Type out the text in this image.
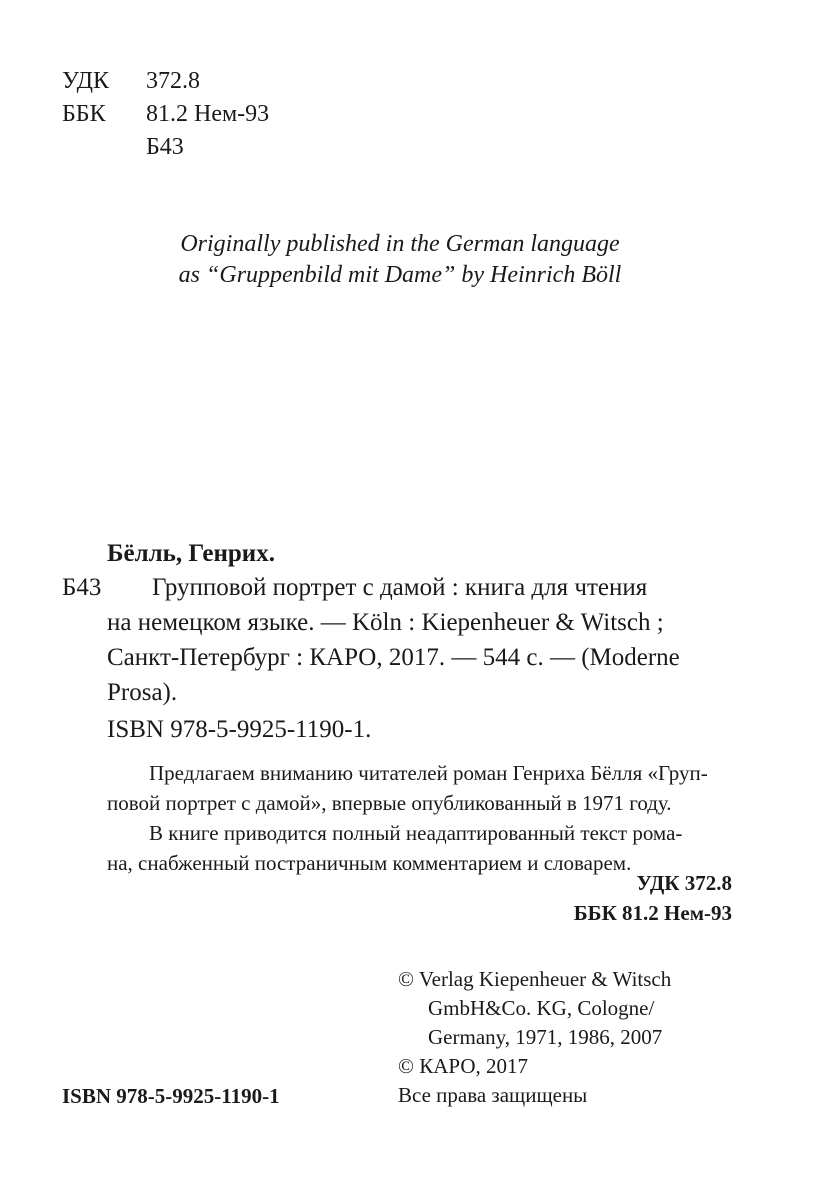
УДК 372.8
ББК 81.2 Нем-93
Б43
Originally published in the German language
as “Gruppenbild mit Dame” by Heinrich Böll
Бёлль, Генрих.
Б43 Групповой портрет с дамой : книга для чтения
на немецком языке. — Köln : Kiepenheuer & Witsch ;
Санкт-Петербург : КАРО, 2017. — 544 с. — (Moderne
Prosa).
ISBN 978-5-9925-1190-1.
Предлагаем вниманию читателей роман Генриха Бёлля «Груп-
повой портрет с дамой», впервые опубликованный в 1971 году.
В книге приводится полный неадаптированный текст рома-
на, снабженный постраничным комментарием и словарем.
УДК 372.8
ББК 81.2 Нем-93
© Verlag Kiepenheuer & Witsch
GmbH&Co. KG, Cologne/
Germany, 1971, 1986, 2007
© КАРО, 2017
Все права защищены
ISBN 978-5-9925-1190-1
